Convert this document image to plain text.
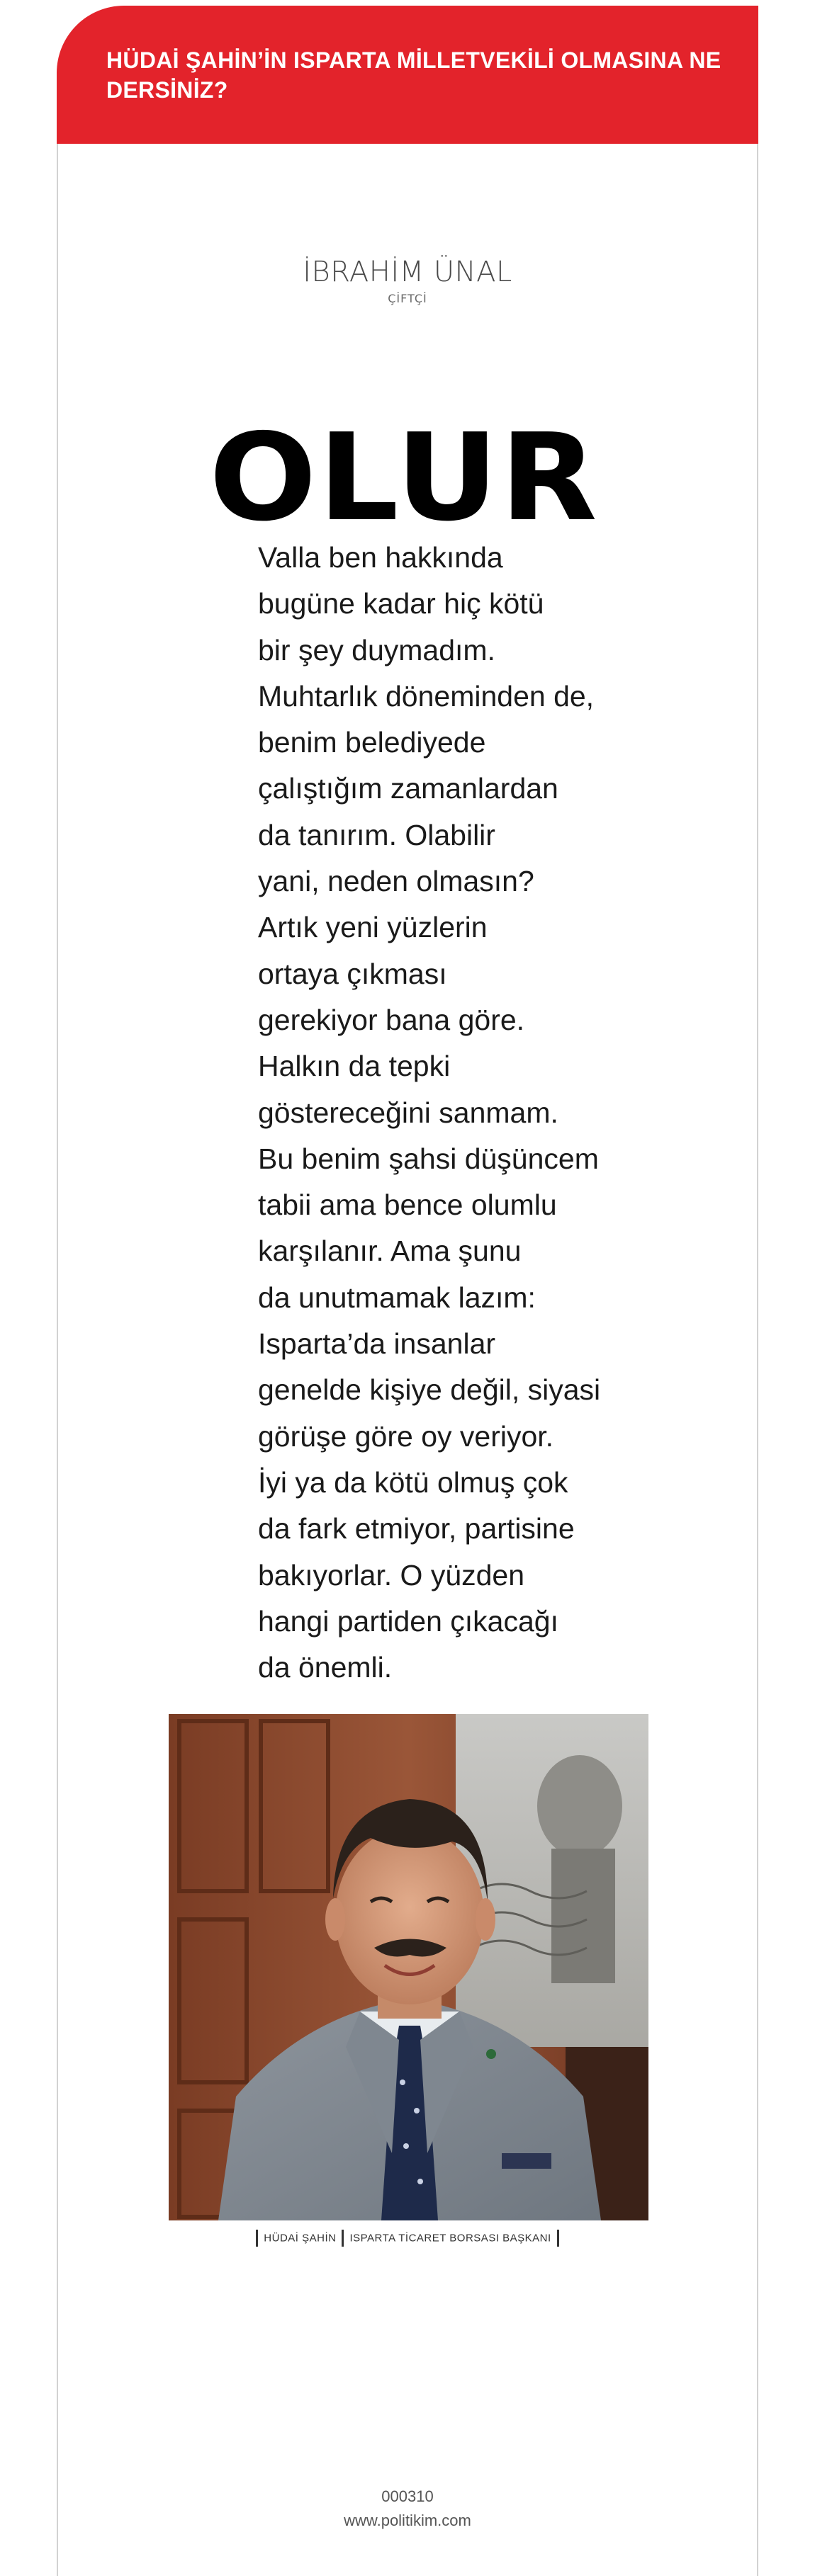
HÜDAİ ŞAHİN’İN ISPARTA MİLLETVEKİLİ OLMASINA NE DERSİNİZ?
İBRAHİM ÜNAL
ÇİFTÇİ
OLUR
Valla ben hakkında
bugüne kadar hiç kötü
bir şey duymadım.
Muhtarlık döneminden de,
benim belediyede
çalıştığım zamanlardan
da tanırım. Olabilir
yani, neden olmasın?
Artık yeni yüzlerin
ortaya çıkması
gerekiyor bana göre.
Halkın da tepki
göstereceğini sanmam.
Bu benim şahsi düşüncem
tabii ama bence olumlu
karşılanır. Ama şunu
da unutmamak lazım:
Isparta’da insanlar
genelde kişiye değil, siyasi
görüşe göre oy veriyor.
İyi ya da kötü olmuş çok
da fark etmiyor, partisine
bakıyorlar. O yüzden
hangi partiden çıkacağı
da önemli.
HÜDAİ ŞAHİN ISPARTA TİCARET BORSASI BAŞKANI
000310
www.politikim.com
